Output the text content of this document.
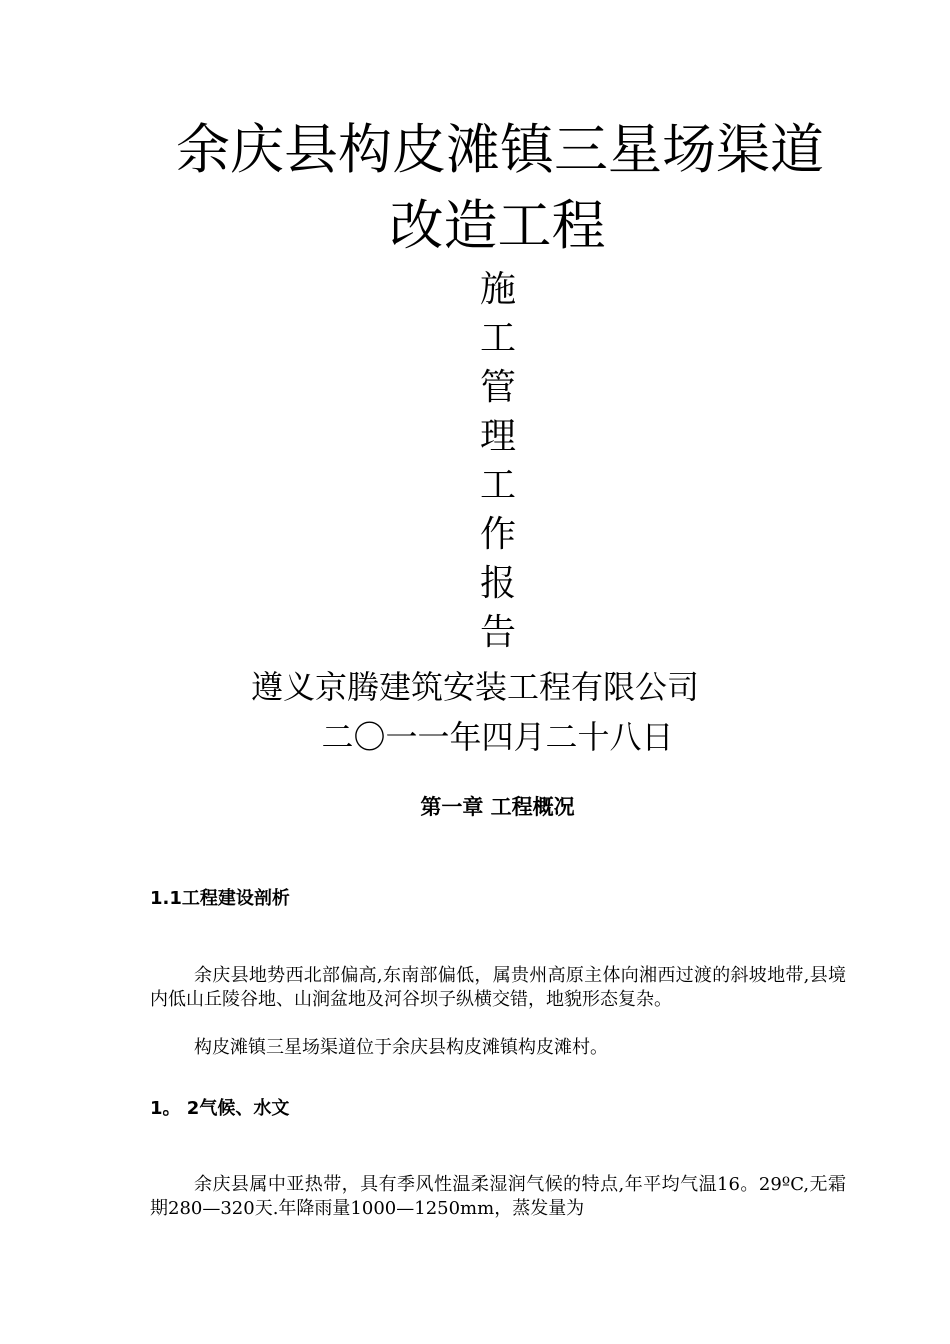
余庆县构皮滩镇三星场渠道
改造工程
施
工
管
理
工
作
报
告
遵义京腾建筑安装工程有限公司
二〇一一年四月二十八日
第一章 工程概况
1.1工程建设剖析
余庆县地势西北部偏高,东南部偏低，属贵州高原主体向湘西过渡的斜坡地带,县境内低山丘陵谷地、山涧盆地及河谷坝子纵横交错，地貌形态复杂。
构皮滩镇三星场渠道位于余庆县构皮滩镇构皮滩村。
1。 2气候、水文
余庆县属中亚热带，具有季风性温柔湿润气候的特点,年平均气温16。29ºC,无霜期280—320天.年降雨量1000—1250mm，蒸发量为
